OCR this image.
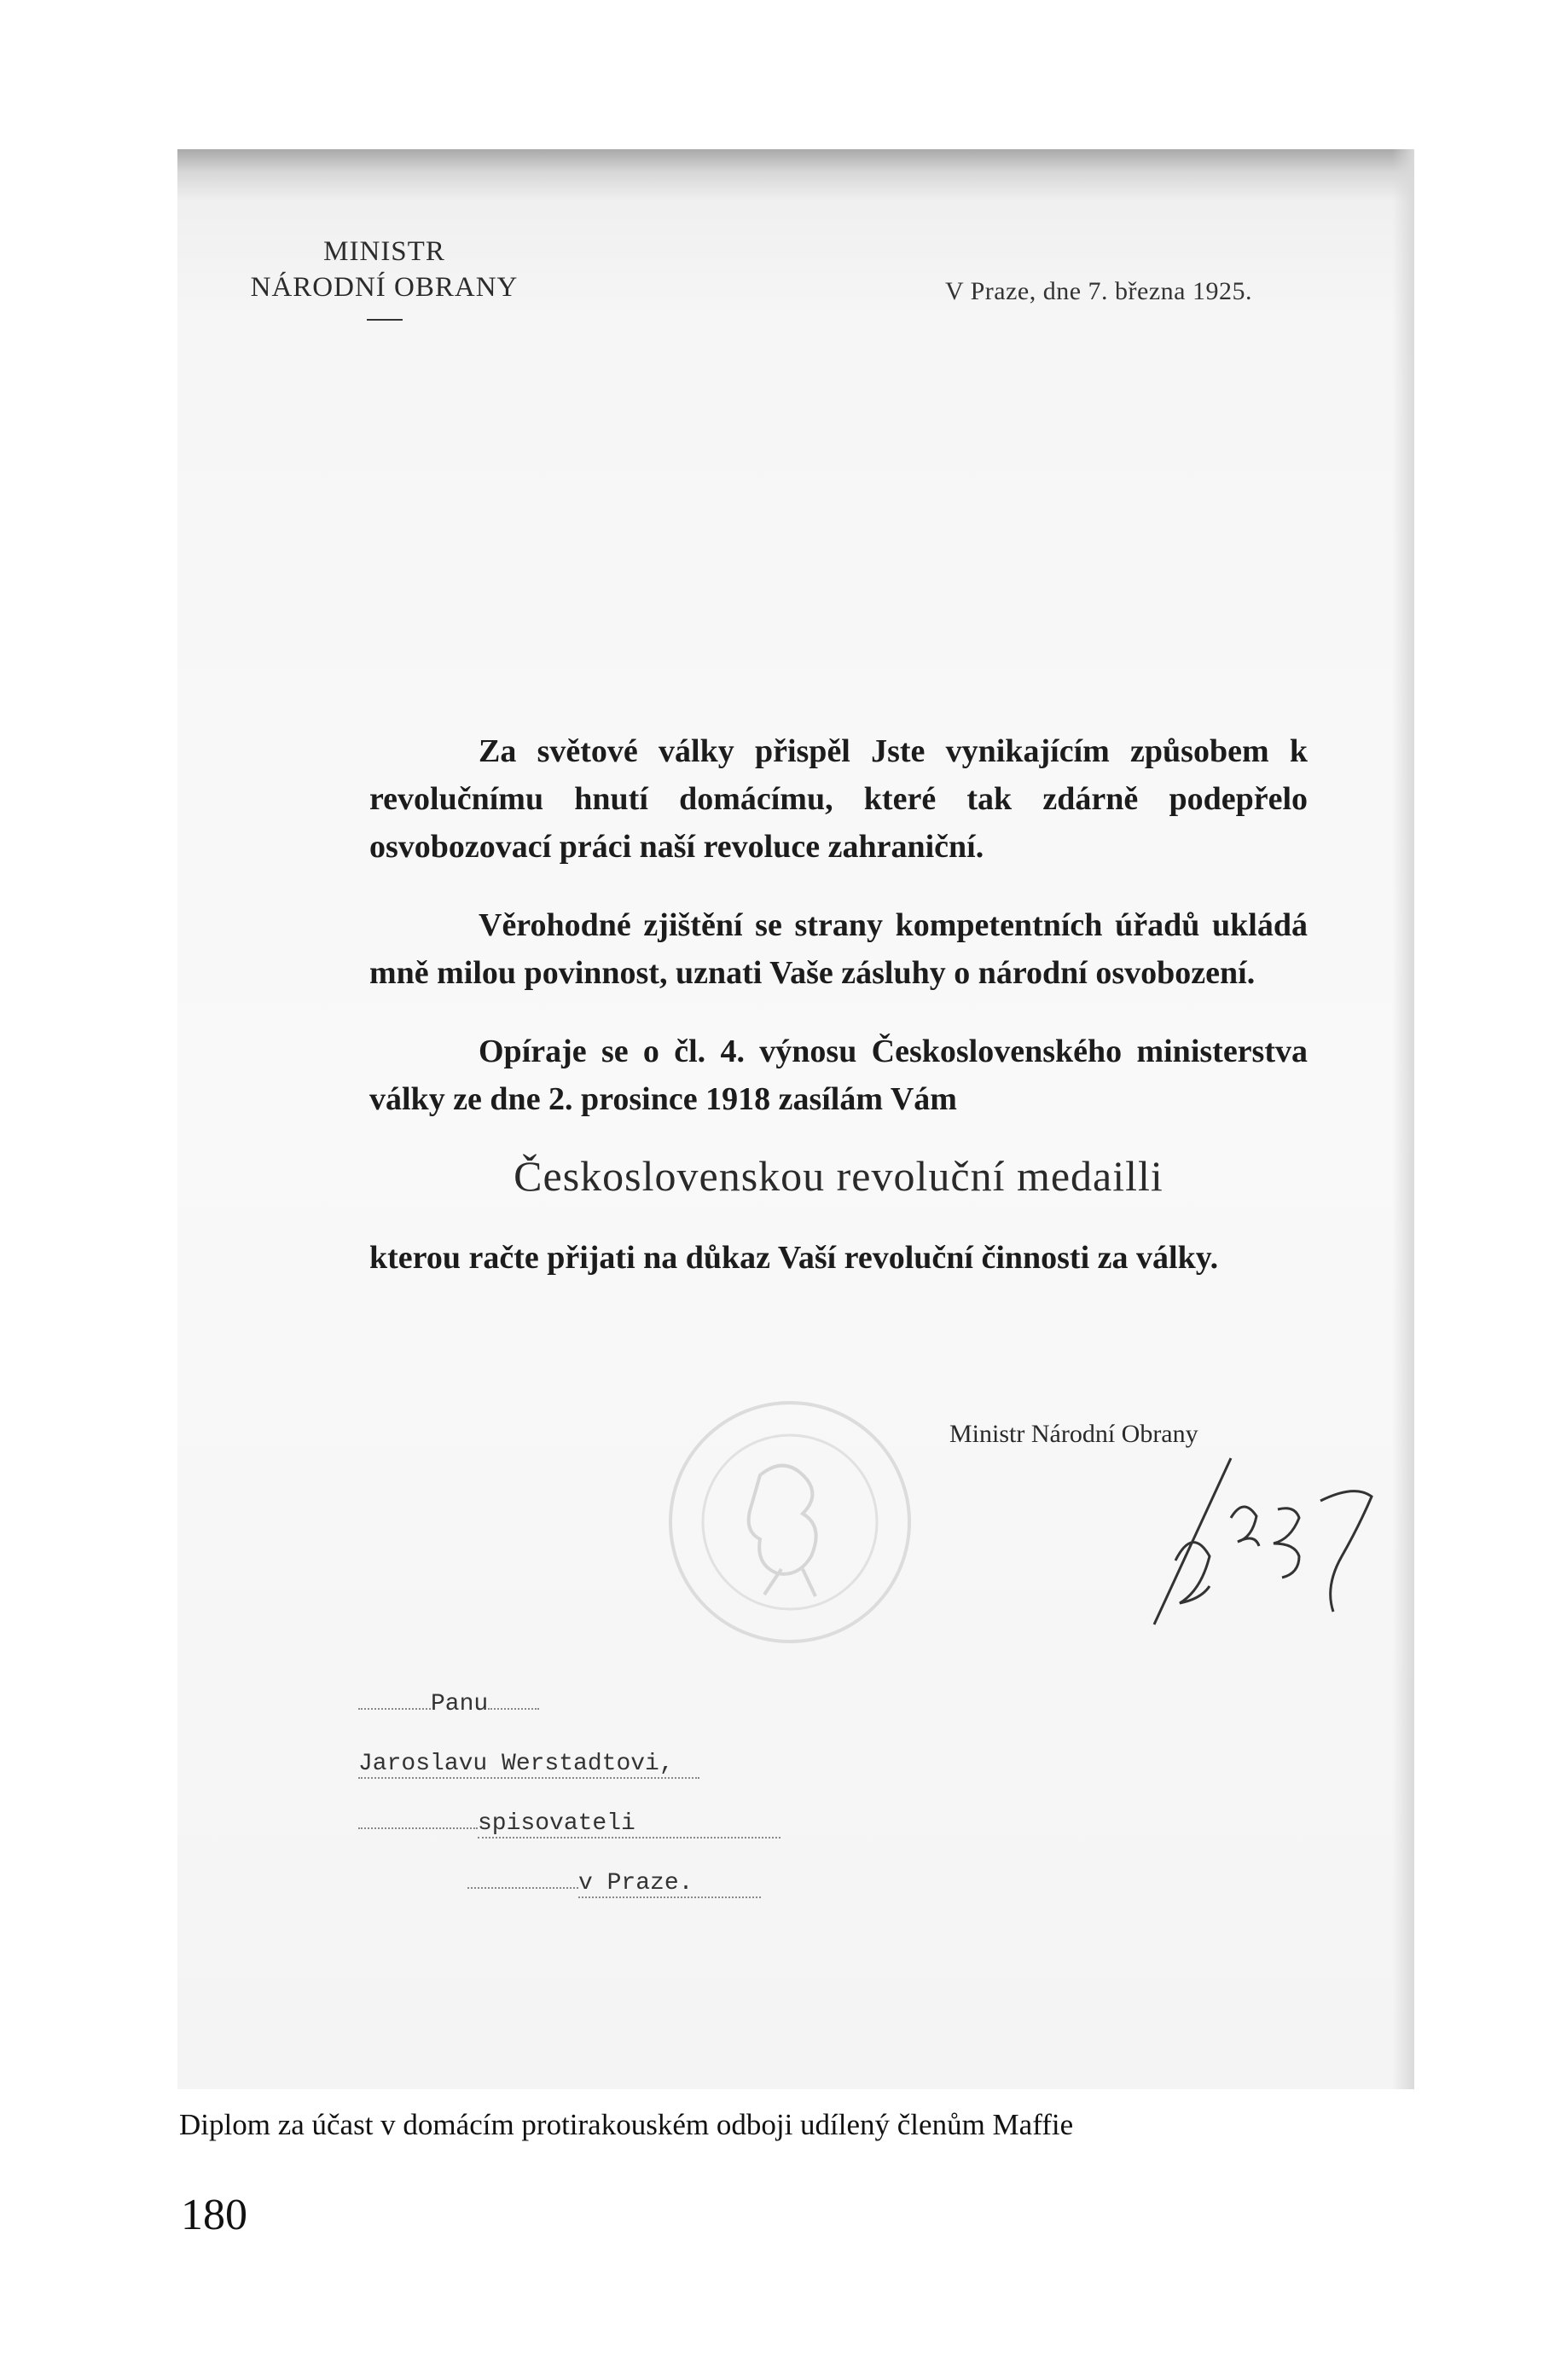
MINISTR
NÁRODNÍ OBRANY	V Praze, dne 7. března 1925.

Za světové války přispěl Jste vynikajícím způsobem k revolučnímu hnutí domácímu, které tak zdárně podepřelo osvobozovací práci naší revoluce zahraniční.

Věrohodné zjištění se strany kompetentních úřadů ukládá mně milou povinnost, uznati Vaše zásluhy o národní osvobození.

Opíraje se o čl. 4. výnosu Československého ministerstva války ze dne 2. prosince 1918 zasílám Vám

Československou revoluční medailli

kterou račte přijati na důkaz Vaší revoluční činnosti za války.

Ministr Národní Obrany
Panu
Jaroslavu Werstadtovi,
spisovateli
v Praze.
Diplom za účast v domácím protirakouském odboji udílený členům Maffie
180
